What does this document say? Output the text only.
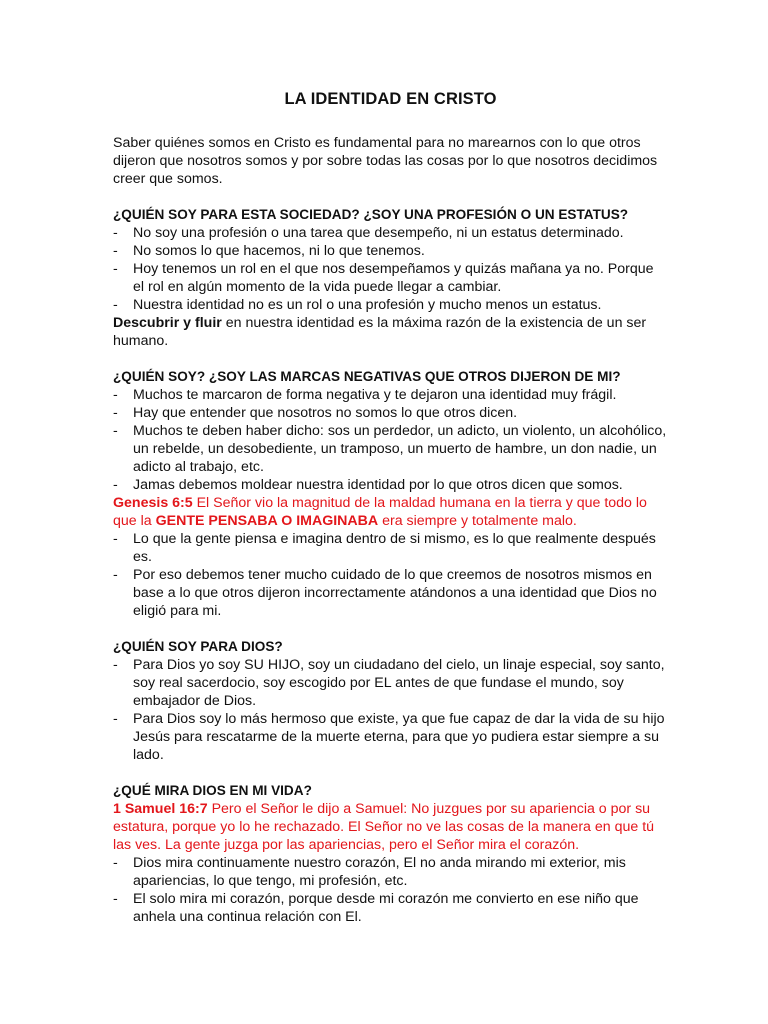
LA IDENTIDAD EN CRISTO

Saber quiénes somos en Cristo es fundamental para no marearnos con lo que otros dijeron que nosotros somos y por sobre todas las cosas por lo que nosotros decidimos creer que somos.

¿QUIÉN SOY PARA ESTA SOCIEDAD? ¿SOY UNA PROFESIÓN O UN ESTATUS?

- No soy una profesión o una tarea que desempeño, ni un estatus determinado.
- No somos lo que hacemos, ni lo que tenemos.
- Hoy tenemos un rol en el que nos desempeñamos y quizás mañana ya no. Porque el rol en algún momento de la vida puede llegar a cambiar.
- Nuestra identidad no es un rol o una profesión y mucho menos un estatus.

Descubrir y fluir en nuestra identidad es la máxima razón de la existencia de un ser humano.

¿QUIÉN SOY? ¿SOY LAS MARCAS NEGATIVAS QUE OTROS DIJERON DE MI?

- Muchos te marcaron de forma negativa y te dejaron una identidad muy frágil.
- Hay que entender que nosotros no somos lo que otros dicen.
- Muchos te deben haber dicho: sos un perdedor, un adicto, un violento, un alcohólico, un rebelde, un desobediente, un tramposo, un muerto de hambre, un don nadie, un adicto al trabajo, etc.
- Jamas debemos moldear nuestra identidad por lo que otros dicen que somos.

Genesis 6:5 El Señor vio la magnitud de la maldad humana en la tierra y que todo lo que la GENTE PENSABA O IMAGINABA era siempre y totalmente malo.

- Lo que la gente piensa e imagina dentro de si mismo, es lo que realmente después es.
- Por eso debemos tener mucho cuidado de lo que creemos de nosotros mismos en base a lo que otros dijeron incorrectamente atándonos a una identidad que Dios no eligió para mi.

¿QUIÉN SOY PARA DIOS?

- Para Dios yo soy SU HIJO, soy un ciudadano del cielo, un linaje especial, soy santo, soy real sacerdocio, soy escogido por EL antes de que fundase el mundo, soy embajador de Dios.
- Para Dios soy lo más hermoso que existe, ya que fue capaz de dar la vida de su hijo Jesús para rescatarme de la muerte eterna, para que yo pudiera estar siempre a su lado.

¿QUÉ MIRA DIOS EN MI VIDA?

1 Samuel 16:7 Pero el Señor le dijo a Samuel: No juzgues por su apariencia o por su estatura, porque yo lo he rechazado. El Señor no ve las cosas de la manera en que tú las ves. La gente juzga por las apariencias, pero el Señor mira el corazón.

- Dios mira continuamente nuestro corazón, El no anda mirando mi exterior, mis apariencias, lo que tengo, mi profesión, etc.
- El solo mira mi corazón, porque desde mi corazón me convierto en ese niño que anhela una continua relación con El.
